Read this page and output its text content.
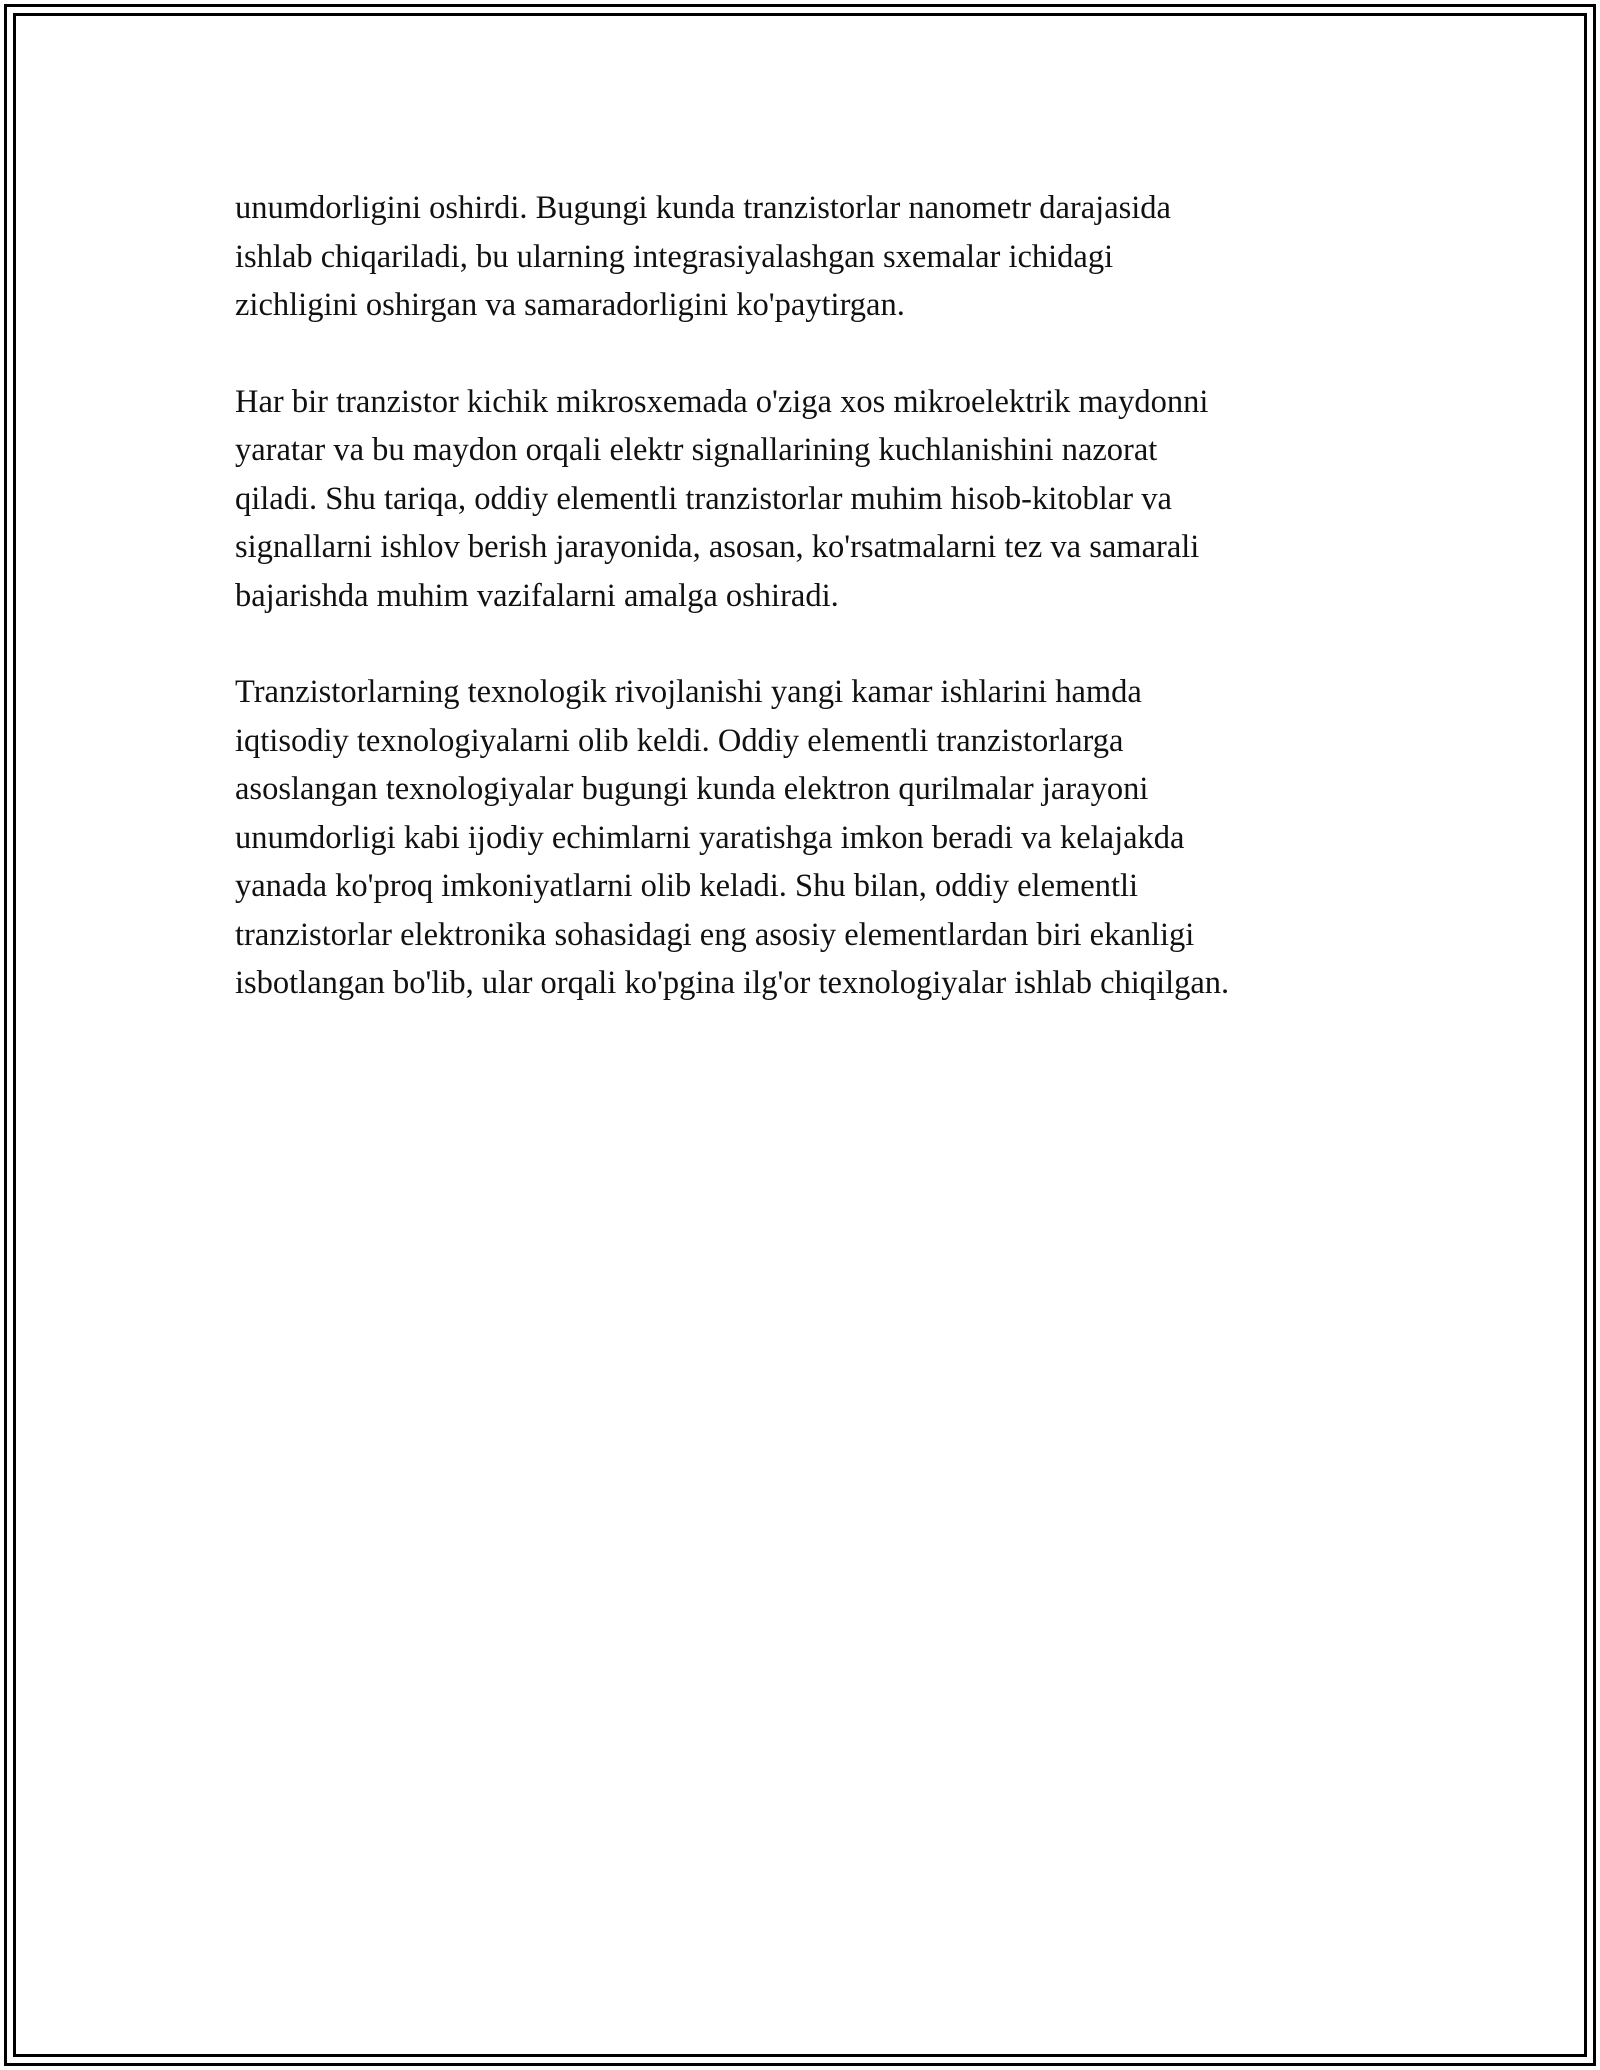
unumdorligini oshirdi. Bugungi kunda tranzistorlar nanometr darajasida
ishlab chiqariladi, bu ularning integrasiyalashgan sxemalar ichidagi
zichligini oshirgan va samaradorligini ko'paytirgan.

Har bir tranzistor kichik mikrosxemada o'ziga xos mikroelektrik maydonni
yaratar va bu maydon orqali elektr signallarining kuchlanishini nazorat
qiladi. Shu tariqa, oddiy elementli tranzistorlar muhim hisob-kitoblar va
signallarni ishlov berish jarayonida, asosan, ko'rsatmalarni tez va samarali
bajarishda muhim vazifalarni amalga oshiradi.

Tranzistorlarning texnologik rivojlanishi yangi kamar ishlarini hamda
iqtisodiy texnologiyalarni olib keldi. Oddiy elementli tranzistorlarga
asoslangan texnologiyalar bugungi kunda elektron qurilmalar jarayoni
unumdorligi kabi ijodiy echimlarni yaratishga imkon beradi va kelajakda
yanada ko'proq imkoniyatlarni olib keladi. Shu bilan, oddiy elementli
tranzistorlar elektronika sohasidagi eng asosiy elementlardan biri ekanligi
isbotlangan bo'lib, ular orqali ko'pgina ilg'or texnologiyalar ishlab chiqilgan.
